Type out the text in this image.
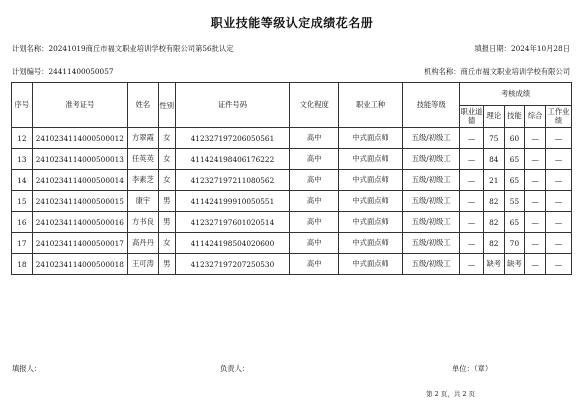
职业技能等级认定成绩花名册
计划名称：20241019商丘市福文职业培训学校有限公司第56批认定	填报日期：2024年10月28日
计划编号：24411400050057	机构名称：商丘市福文职业培训学校有限公司
序号	准考证号	姓名	性别	证件号码	文化程度	职业工种	技能等级	考核成绩				
								职业道德	理论	技能	综合	工作业绩
12	2410234114000500012	方翠霞	女	412327197206050561	高中	中式面点师	五级/初级工	—	75	60	—	—
13	2410234114000500013	任英英	女	411424198406176222	高中	中式面点师	五级/初级工	—	84	65	—	—
14	2410234114000500014	李素芝	女	412327197211080562	高中	中式面点师	五级/初级工	—	21	65	—	—
15	2410234114000500015	康宇	男	411424199910050551	高中	中式面点师	五级/初级工	—	82	55	—	—
16	2410234114000500016	方书良	男	412327197601020514	高中	中式面点师	五级/初级工	—	82	65	—	—
17	2410234114000500017	高丹丹	女	411424198504020600	高中	中式面点师	五级/初级工	—	82	70	—	—
18	2410234114000500018	王可涛	男	412327197207250530	高中	中式面点师	五级/初级工	—	缺考	缺考	—	—
填报人：	负责人：	单位：（章）
第 2 页，共 2 页
